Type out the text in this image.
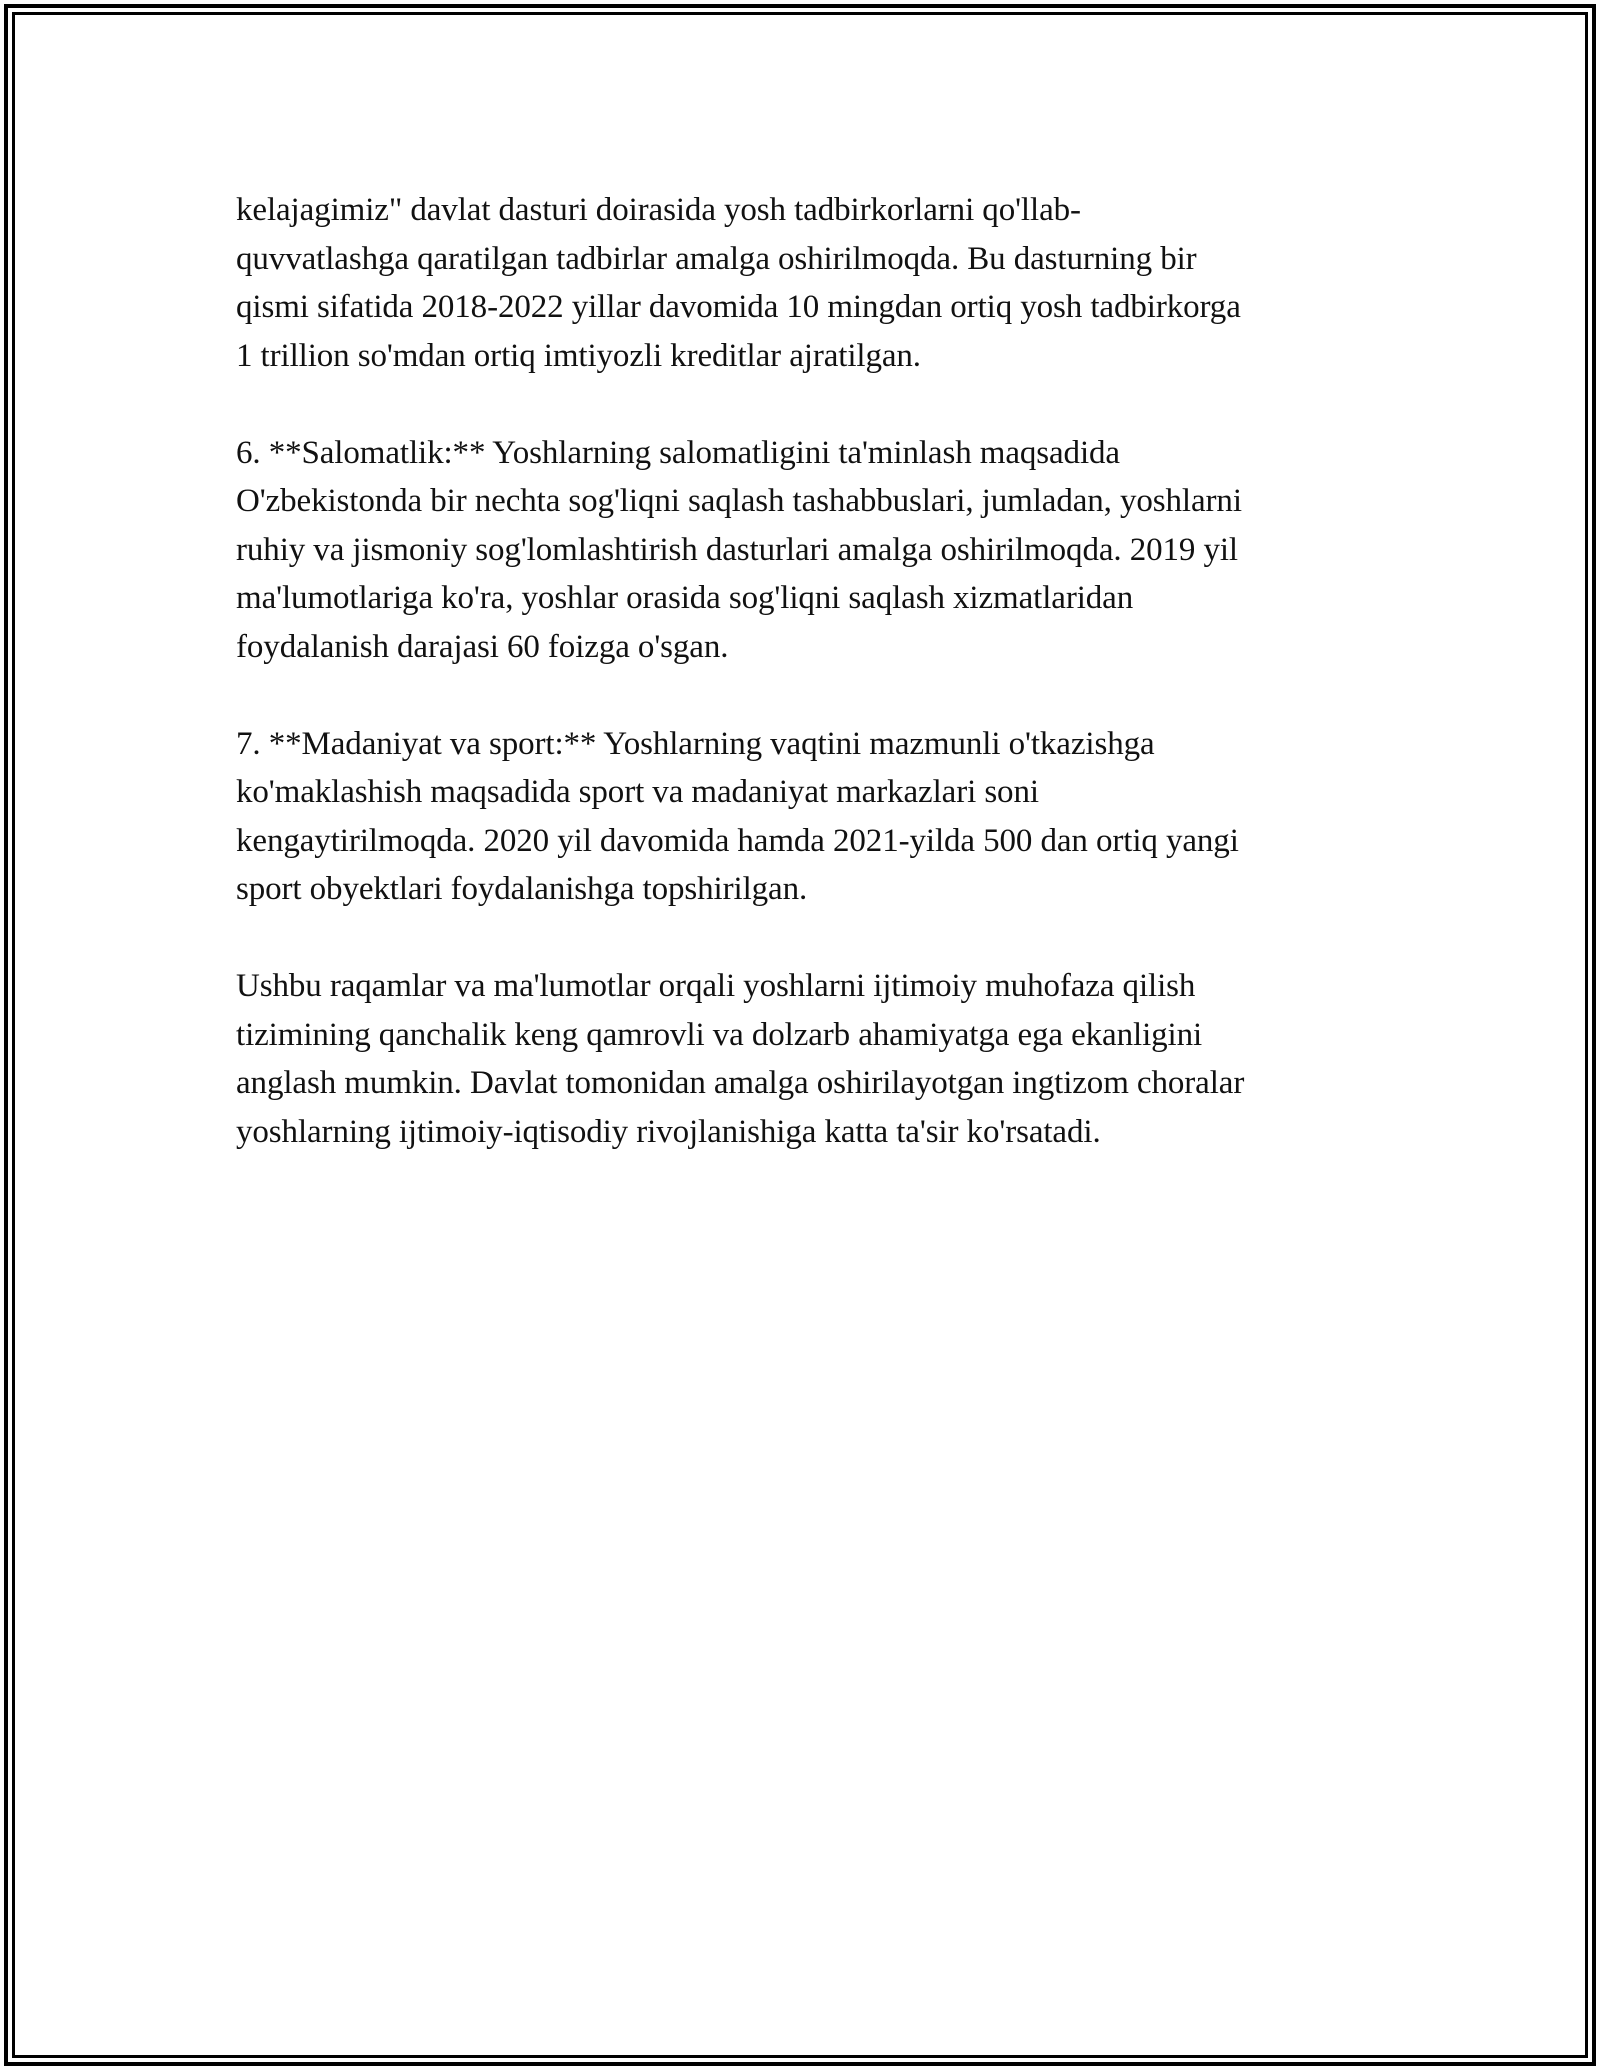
kelajagimiz" davlat dasturi doirasida yosh tadbirkorlarni qo'llab-
quvvatlashga qaratilgan tadbirlar amalga oshirilmoqda. Bu dasturning bir
qismi sifatida 2018-2022 yillar davomida 10 mingdan ortiq yosh tadbirkorga
1 trillion so'mdan ortiq imtiyozli kreditlar ajratilgan.

6. **Salomatlik:** Yoshlarning salomatligini ta'minlash maqsadida
O'zbekistonda bir nechta sog'liqni saqlash tashabbuslari, jumladan, yoshlarni
ruhiy va jismoniy sog'lomlashtirish dasturlari amalga oshirilmoqda. 2019 yil
ma'lumotlariga ko'ra, yoshlar orasida sog'liqni saqlash xizmatlaridan
foydalanish darajasi 60 foizga o'sgan.

7. **Madaniyat va sport:** Yoshlarning vaqtini mazmunli o'tkazishga
ko'maklashish maqsadida sport va madaniyat markazlari soni
kengaytirilmoqda. 2020 yil davomida hamda 2021-yilda 500 dan ortiq yangi
sport obyektlari foydalanishga topshirilgan.

Ushbu raqamlar va ma'lumotlar orqali yoshlarni ijtimoiy muhofaza qilish
tizimining qanchalik keng qamrovli va dolzarb ahamiyatga ega ekanligini
anglash mumkin. Davlat tomonidan amalga oshirilayotgan ingtizom choralar
yoshlarning ijtimoiy-iqtisodiy rivojlanishiga katta ta'sir ko'rsatadi.
